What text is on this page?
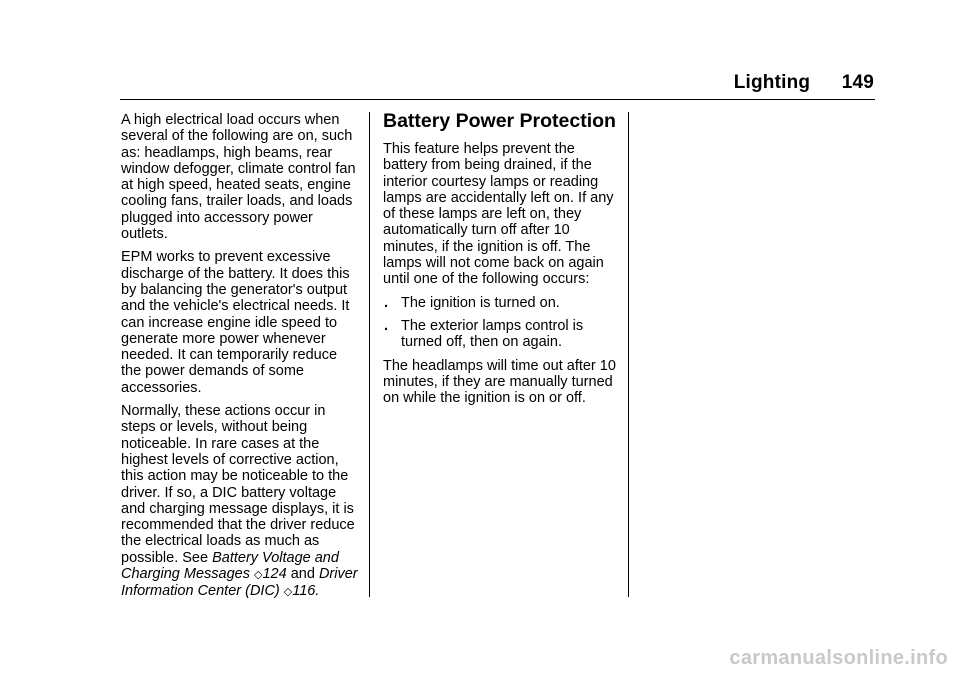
Lighting 149

A high electrical load occurs when several of the following are on, such as: headlamps, high beams, rear window defogger, climate control fan at high speed, heated seats, engine cooling fans, trailer loads, and loads plugged into accessory power outlets.

EPM works to prevent excessive discharge of the battery. It does this by balancing the generator's output and the vehicle's electrical needs. It can increase engine idle speed to generate more power whenever needed. It can temporarily reduce the power demands of some accessories.

Normally, these actions occur in steps or levels, without being noticeable. In rare cases at the highest levels of corrective action, this action may be noticeable to the driver. If so, a DIC battery voltage and charging message displays, it is recommended that the driver reduce the electrical loads as much as possible. See Battery Voltage and Charging Messages ◇124 and Driver Information Center (DIC) ◇116.

Battery Power Protection

This feature helps prevent the battery from being drained, if the interior courtesy lamps or reading lamps are accidentally left on. If any of these lamps are left on, they automatically turn off after 10 minutes, if the ignition is off. The lamps will not come back on again until one of the following occurs:

. The ignition is turned on.
. The exterior lamps control is turned off, then on again.

The headlamps will time out after 10 minutes, if they are manually turned on while the ignition is on or off.

carmanualsonline.info
